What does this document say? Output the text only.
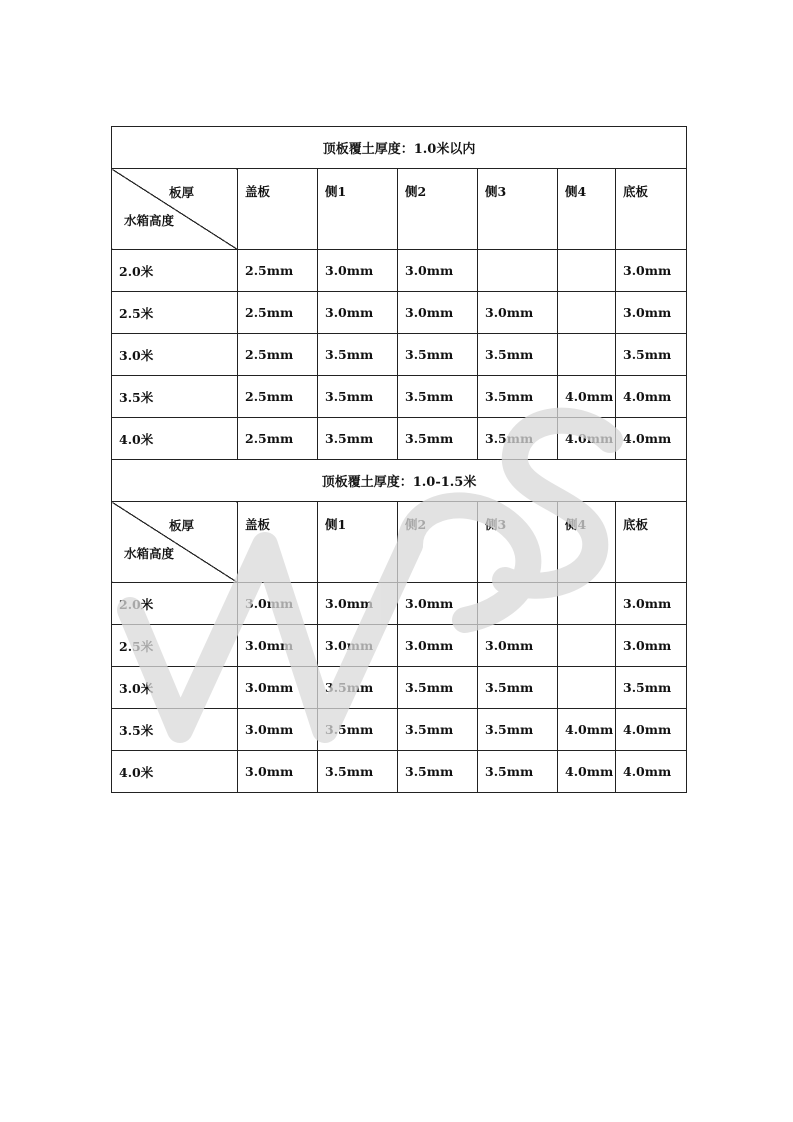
顶板覆土厚度：1.0米以内						

板厚
水箱高度	盖板	侧1	侧2	侧3	侧4	底板
2.0米	2.5mm	3.0mm	3.0mm			3.0mm
2.5米	2.5mm	3.0mm	3.0mm	3.0mm		3.0mm
3.0米	2.5mm	3.5mm	3.5mm	3.5mm		3.5mm
3.5米	2.5mm	3.5mm	3.5mm	3.5mm	4.0mm	4.0mm
4.0米	2.5mm	3.5mm	3.5mm	3.5mm	4.0mm	4.0mm
顶板覆土厚度：1.0-1.5米						

板厚
水箱高度	盖板	侧1	侧2	侧3	侧4	底板
2.0米	3.0mm	3.0mm	3.0mm			3.0mm
2.5米	3.0mm	3.0mm	3.0mm	3.0mm		3.0mm
3.0米	3.0mm	3.5mm	3.5mm	3.5mm		3.5mm
3.5米	3.0mm	3.5mm	3.5mm	3.5mm	4.0mm	4.0mm
4.0米	3.0mm	3.5mm	3.5mm	3.5mm	4.0mm	4.0mm
